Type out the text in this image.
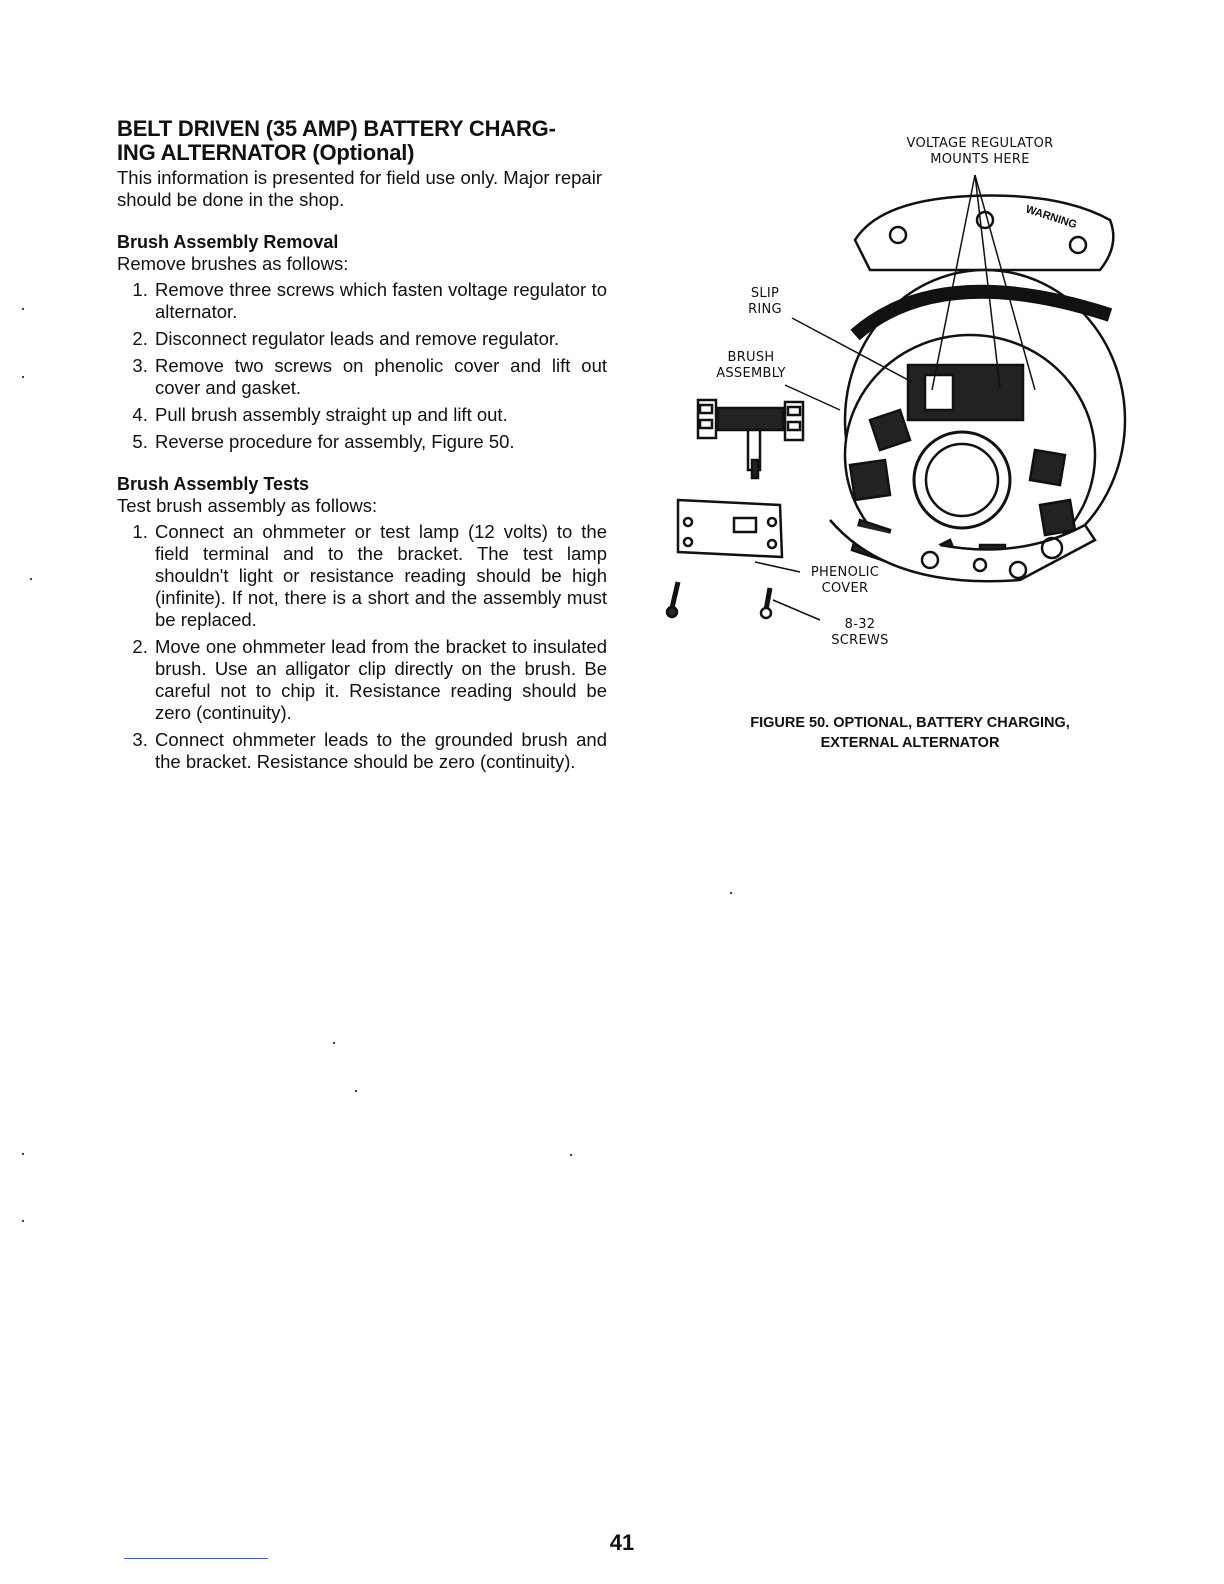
BELT DRIVEN (35 AMP) BATTERY CHARG-
ING ALTERNATOR (Optional)

This information is presented for field use only. Major repair should be done in the shop.

Brush Assembly Removal

Remove brushes as follows:

1. Remove three screws which fasten voltage regulator to alternator.
2. Disconnect regulator leads and remove regulator.
3. Remove two screws on phenolic cover and lift out cover and gasket.
4. Pull brush assembly straight up and lift out.
5. Reverse procedure for assembly, Figure 50.

Brush Assembly Tests

Test brush assembly as follows:

1. Connect an ohmmeter or test lamp (12 volts) to the field terminal and to the bracket. The test lamp shouldn't light or resistance reading should be high (infinite). If not, there is a short and the assembly must be replaced.
2. Move one ohmmeter lead from the bracket to insulated brush. Use an alligator clip directly on the brush. Be careful not to chip it. Resistance reading should be zero (continuity).
3. Connect ohmmeter leads to the grounded brush and the bracket. Resistance should be zero (continuity).
WARNING
VOLTAGE REGULATOR
MOUNTS HERE
SLIP
RING
BRUSH
ASSEMBLY
PHENOLIC
COVER
8-32
SCREWS
FIGURE 50. OPTIONAL, BATTERY CHARGING,
EXTERNAL ALTERNATOR
41
